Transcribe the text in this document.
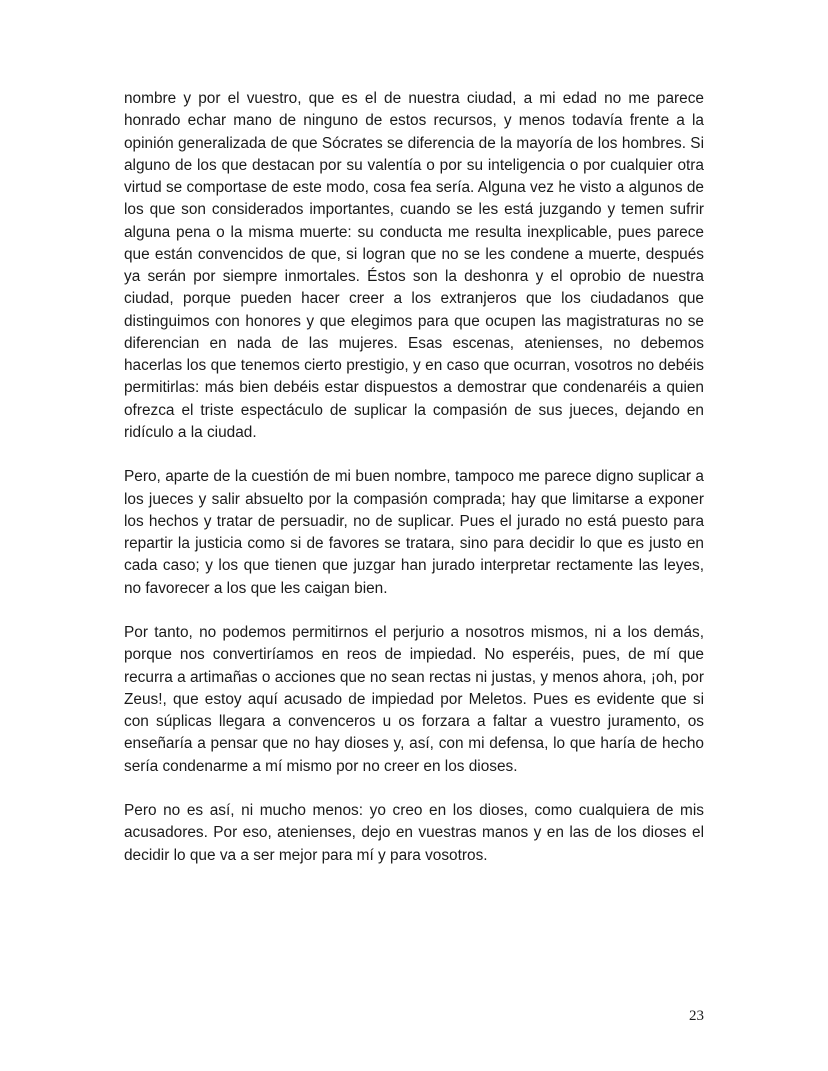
nombre y por el vuestro, que es el de nuestra ciudad, a mi edad no me parece honrado echar mano de ninguno de estos recursos, y menos todavía frente a la opinión generalizada de que Sócrates se diferencia de la mayoría de los hombres. Si alguno de los que destacan por su valentía o por su inteligencia o por cualquier otra virtud se comportase de este modo, cosa fea sería. Alguna vez he visto a algunos de los que son considerados importantes, cuando se les está juzgando y temen sufrir alguna pena o la misma muerte: su conducta me resulta inexplicable, pues parece que están convencidos de que, si logran que no se les condene a muerte, después ya serán por siempre inmortales. Éstos son la deshonra y el oprobio de nuestra ciudad, porque pueden hacer creer a los extranjeros que los ciudadanos que distinguimos con honores y que elegimos para que ocupen las magistraturas no se diferencian en nada de las mujeres. Esas escenas, atenienses, no debemos hacerlas los que tenemos cierto prestigio, y en caso que ocurran, vosotros no debéis permitirlas: más bien debéis estar dispuestos a demostrar que condenaréis a quien ofrezca el triste espectáculo de suplicar la compasión de sus jueces, dejando en ridículo a la ciudad.

Pero, aparte de la cuestión de mi buen nombre, tampoco me parece digno suplicar a los jueces y salir absuelto por la compasión comprada; hay que limitarse a exponer los hechos y tratar de persuadir, no de suplicar. Pues el jurado no está puesto para repartir la justicia como si de favores se tratara, sino para decidir lo que es justo en cada caso; y los que tienen que juzgar han jurado interpretar rectamente las leyes, no favorecer a los que les caigan bien.

Por tanto, no podemos permitirnos el perjurio a nosotros mismos, ni a los demás, porque nos convertiríamos en reos de impiedad. No esperéis, pues, de mí que recurra a artimañas o acciones que no sean rectas ni justas, y menos ahora, ¡oh, por Zeus!, que estoy aquí acusado de impiedad por Meletos. Pues es evidente que si con súplicas llegara a convenceros u os forzara a faltar a vuestro juramento, os enseñaría a pensar que no hay dioses y, así, con mi defensa, lo que haría de hecho sería condenarme a mí mismo por no creer en los dioses.

Pero no es así, ni mucho menos: yo creo en los dioses, como cualquiera de mis acusadores. Por eso, atenienses, dejo en vuestras manos y en las de los dioses el decidir lo que va a ser mejor para mí y para vosotros.

23
